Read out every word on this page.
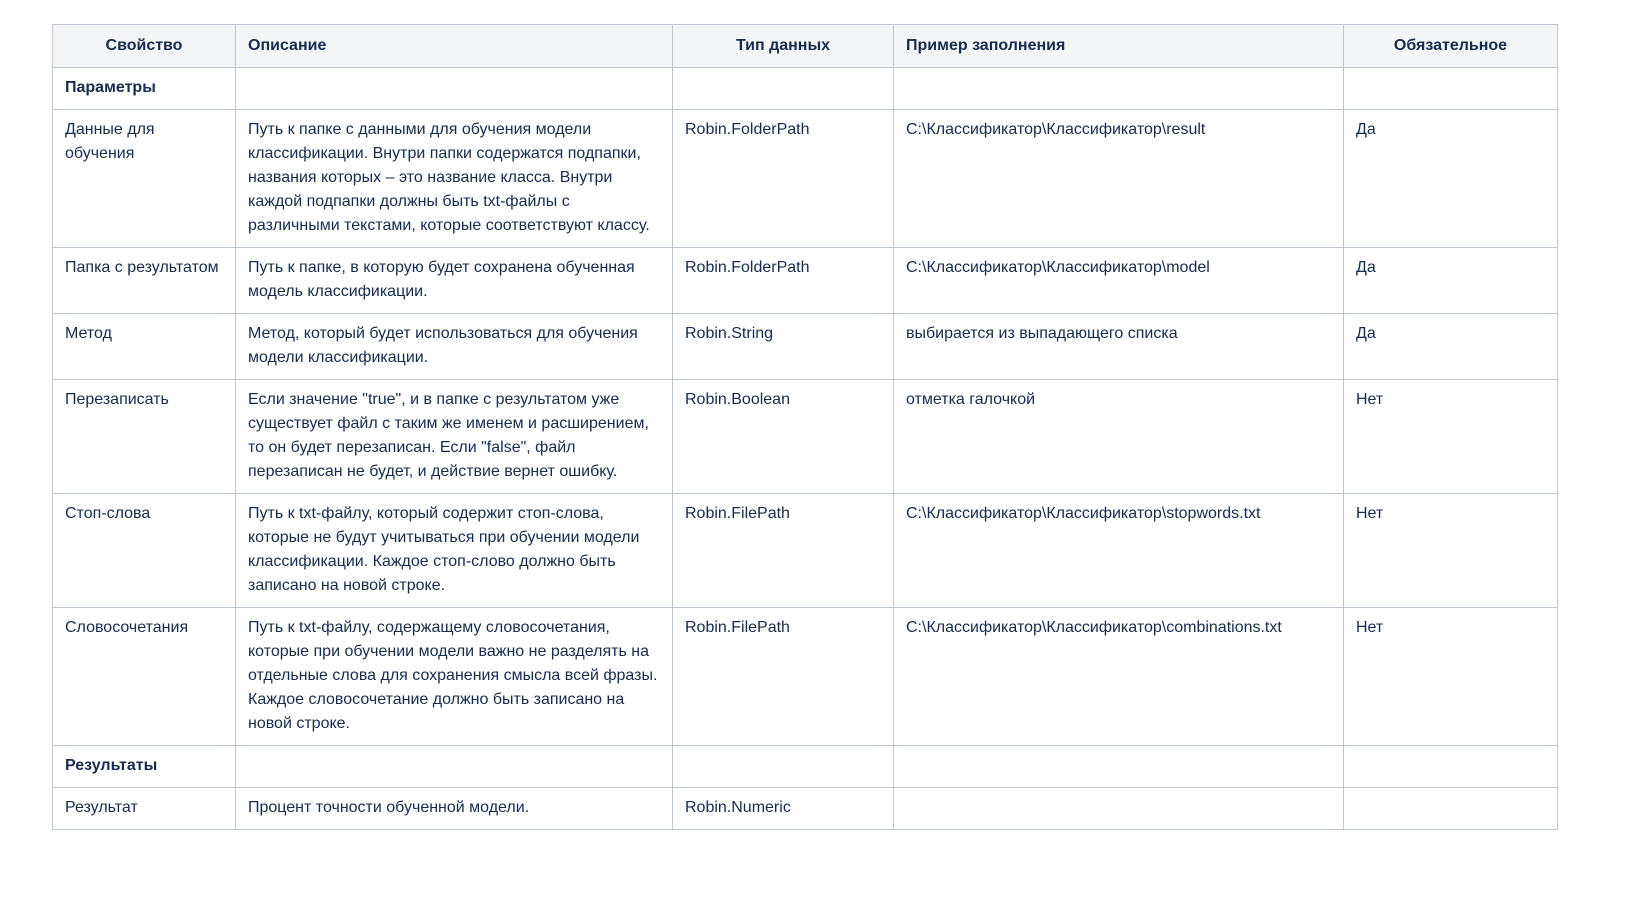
Свойство	Описание	Тип данных	Пример заполнения	Обязательное
Параметры				
Данные для обучения	Путь к папке с данными для обучения модели классификации. Внутри папки содержатся подпапки, названия которых – это название класса. Внутри каждой подпапки должны быть txt-файлы с различными текстами, которые соответствуют классу.	Robin.FolderPath	C:\Классификатор\Классификатор\result	Да
Папка с результатом	Путь к папке, в которую будет сохранена обученная модель классификации.	Robin.FolderPath	C:\Классификатор\Классификатор\model	Да
Метод	Метод, который будет использоваться для обучения модели классификации.	Robin.String	выбирается из выпадающего списка	Да
Перезаписать	Если значение "true", и в папке с результатом уже существует файл с таким же именем и расширением, то он будет перезаписан. Если "false", файл перезаписан не будет, и действие вернет ошибку.	Robin.Boolean	отметка галочкой	Нет
Стоп-слова	Путь к txt-файлу, который содержит стоп-слова, которые не будут учитываться при обучении модели классификации. Каждое стоп-слово должно быть записано на новой строке.	Robin.FilePath	C:\Классификатор\Классификатор\stopwords.txt	Нет
Словосочетания	Путь к txt-файлу, содержащему словосочетания, которые при обучении модели важно не разделять на отдельные слова для сохранения смысла всей фразы. Каждое словосочетание должно быть записано на новой строке.	Robin.FilePath	C:\Классификатор\Классификатор\combinations.txt	Нет
Результаты				
Результат	Процент точности обученной модели.	Robin.Numeric		
